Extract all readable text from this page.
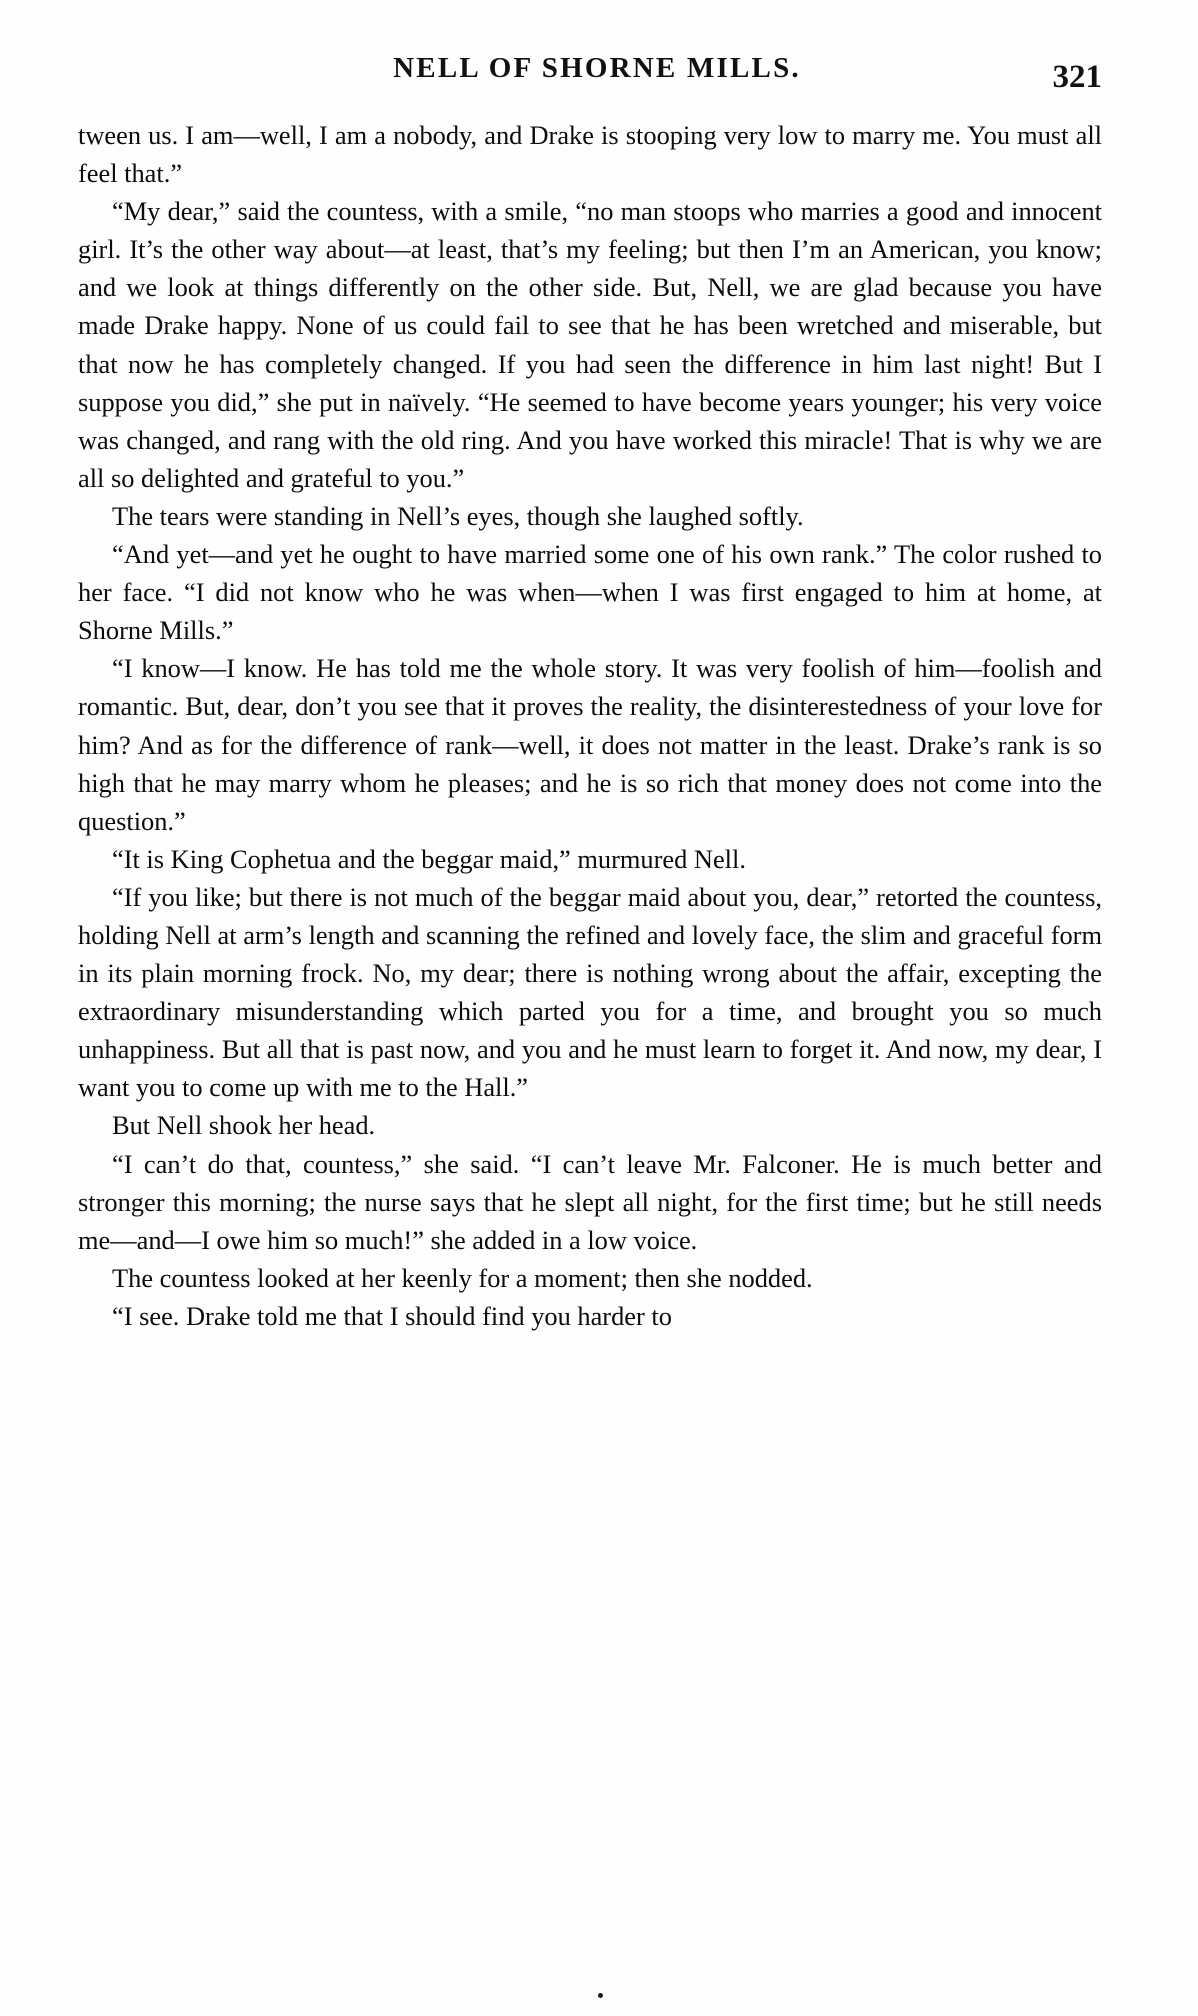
NELL OF SHORNE MILLS.	321

tween us. I am—well, I am a nobody, and Drake is stooping very low to marry me. You must all feel that.”

“My dear,” said the countess, with a smile, “no man stoops who marries a good and innocent girl. It’s the other way about—at least, that’s my feeling; but then I’m an American, you know; and we look at things differently on the other side. But, Nell, we are glad because you have made Drake happy. None of us could fail to see that he has been wretched and miserable, but that now he has completely changed. If you had seen the difference in him last night! But I suppose you did,” she put in naïvely. “He seemed to have become years younger; his very voice was changed, and rang with the old ring. And you have worked this miracle! That is why we are all so delighted and grateful to you.”

The tears were standing in Nell’s eyes, though she laughed softly.

“And yet—and yet he ought to have married some one of his own rank.” The color rushed to her face. “I did not know who he was when—when I was first engaged to him at home, at Shorne Mills.”

“I know—I know. He has told me the whole story. It was very foolish of him—foolish and romantic. But, dear, don’t you see that it proves the reality, the disinterestedness of your love for him? And as for the difference of rank—well, it does not matter in the least. Drake’s rank is so high that he may marry whom he pleases; and he is so rich that money does not come into the question.”

“It is King Cophetua and the beggar maid,” murmured Nell.

“If you like; but there is not much of the beggar maid about you, dear,” retorted the countess, holding Nell at arm’s length and scanning the refined and lovely face, the slim and graceful form in its plain morning frock. No, my dear; there is nothing wrong about the affair, excepting the extraordinary misunderstanding which parted you for a time, and brought you so much unhappiness. But all that is past now, and you and he must learn to forget it. And now, my dear, I want you to come up with me to the Hall.”

But Nell shook her head.

“I can’t do that, countess,” she said. “I can’t leave Mr. Falconer. He is much better and stronger this morning; the nurse says that he slept all night, for the first time; but he still needs me—and—I owe him so much!” she added in a low voice.

The countess looked at her keenly for a moment; then she nodded.

“I see. Drake told me that I should find you harder to
